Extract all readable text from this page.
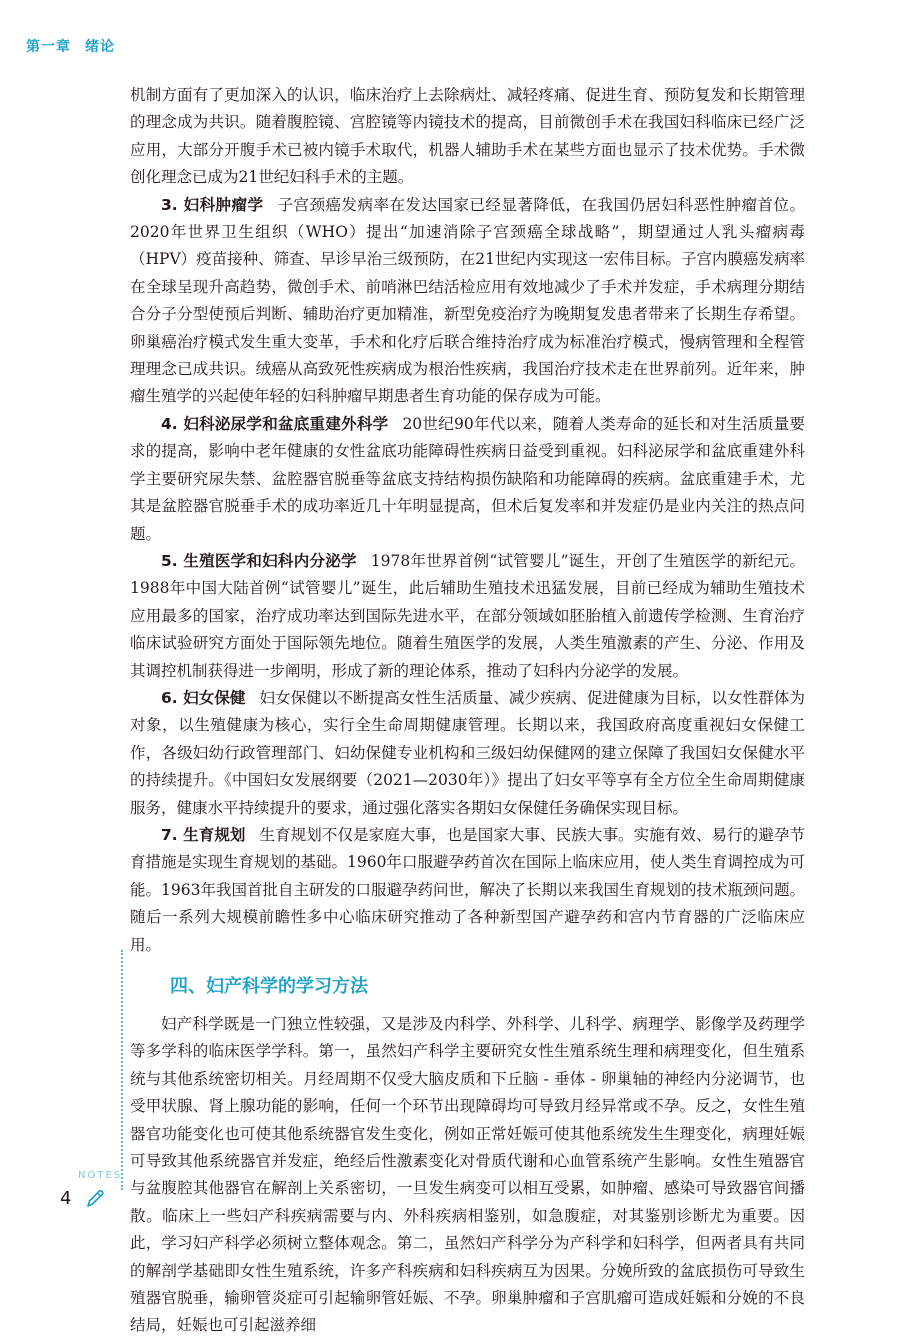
第一章 绪论

机制方面有了更加深入的认识，临床治疗上去除病灶、减轻疼痛、促进生育、预防复发和长期管理的理念成为共识。随着腹腔镜、宫腔镜等内镜技术的提高，目前微创手术在我国妇科临床已经广泛应用，大部分开腹手术已被内镜手术取代，机器人辅助手术在某些方面也显示了技术优势。手术微创化理念已成为21世纪妇科手术的主题。

3. 妇科肿瘤学 子宫颈癌发病率在发达国家已经显著降低，在我国仍居妇科恶性肿瘤首位。2020年世界卫生组织（WHO）提出“加速消除子宫颈癌全球战略”，期望通过人乳头瘤病毒（HPV）疫苗接种、筛查、早诊早治三级预防，在21世纪内实现这一宏伟目标。子宫内膜癌发病率在全球呈现升高趋势，微创手术、前哨淋巴结活检应用有效地减少了手术并发症，手术病理分期结合分子分型使预后判断、辅助治疗更加精准，新型免疫治疗为晚期复发患者带来了长期生存希望。卵巢癌治疗模式发生重大变革，手术和化疗后联合维持治疗成为标准治疗模式，慢病管理和全程管理理念已成共识。绒癌从高致死性疾病成为根治性疾病，我国治疗技术走在世界前列。近年来，肿瘤生殖学的兴起使年轻的妇科肿瘤早期患者生育功能的保存成为可能。

4. 妇科泌尿学和盆底重建外科学 20世纪90年代以来，随着人类寿命的延长和对生活质量要求的提高，影响中老年健康的女性盆底功能障碍性疾病日益受到重视。妇科泌尿学和盆底重建外科学主要研究尿失禁、盆腔器官脱垂等盆底支持结构损伤缺陷和功能障碍的疾病。盆底重建手术，尤其是盆腔器官脱垂手术的成功率近几十年明显提高，但术后复发率和并发症仍是业内关注的热点问题。

5. 生殖医学和妇科内分泌学 1978年世界首例“试管婴儿”诞生，开创了生殖医学的新纪元。1988年中国大陆首例“试管婴儿”诞生，此后辅助生殖技术迅猛发展，目前已经成为辅助生殖技术应用最多的国家，治疗成功率达到国际先进水平，在部分领域如胚胎植入前遗传学检测、生育治疗临床试验研究方面处于国际领先地位。随着生殖医学的发展，人类生殖激素的产生、分泌、作用及其调控机制获得进一步阐明，形成了新的理论体系，推动了妇科内分泌学的发展。

6. 妇女保健 妇女保健以不断提高女性生活质量、减少疾病、促进健康为目标，以女性群体为对象，以生殖健康为核心，实行全生命周期健康管理。长期以来，我国政府高度重视妇女保健工作，各级妇幼行政管理部门、妇幼保健专业机构和三级妇幼保健网的建立保障了我国妇女保健水平的持续提升。《中国妇女发展纲要（2021—2030年）》提出了妇女平等享有全方位全生命周期健康服务，健康水平持续提升的要求，通过强化落实各期妇女保健任务确保实现目标。

7. 生育规划 生育规划不仅是家庭大事，也是国家大事、民族大事。实施有效、易行的避孕节育措施是实现生育规划的基础。1960年口服避孕药首次在国际上临床应用，使人类生育调控成为可能。1963年我国首批自主研发的口服避孕药问世，解决了长期以来我国生育规划的技术瓶颈问题。随后一系列大规模前瞻性多中心临床研究推动了各种新型国产避孕药和宫内节育器的广泛临床应用。

四、妇产科学的学习方法

妇产科学既是一门独立性较强，又是涉及内科学、外科学、儿科学、病理学、影像学及药理学等多学科的临床医学学科。第一，虽然妇产科学主要研究女性生殖系统生理和病理变化，但生殖系统与其他系统密切相关。月经周期不仅受大脑皮质和下丘脑 - 垂体 - 卵巢轴的神经内分泌调节，也受甲状腺、肾上腺功能的影响，任何一个环节出现障碍均可导致月经异常或不孕。反之，女性生殖器官功能变化也可使其他系统器官发生变化，例如正常妊娠可使其他系统发生生理变化，病理妊娠可导致其他系统器官并发症，绝经后性激素变化对骨质代谢和心血管系统产生影响。女性生殖器官与盆腹腔其他器官在解剖上关系密切，一旦发生病变可以相互受累，如肿瘤、感染可导致器官间播散。临床上一些妇产科疾病需要与内、外科疾病相鉴别，如急腹症，对其鉴别诊断尤为重要。因此，学习妇产科学必须树立整体观念。第二，虽然妇产科学分为产科学和妇科学，但两者具有共同的解剖学基础即女性生殖系统，许多产科疾病和妇科疾病互为因果。分娩所致的盆底损伤可导致生殖器官脱垂，输卵管炎症可引起输卵管妊娠、不孕。卵巢肿瘤和子宫肌瘤可造成妊娠和分娩的不良结局，妊娠也可引起滋养细

NOTES
4
